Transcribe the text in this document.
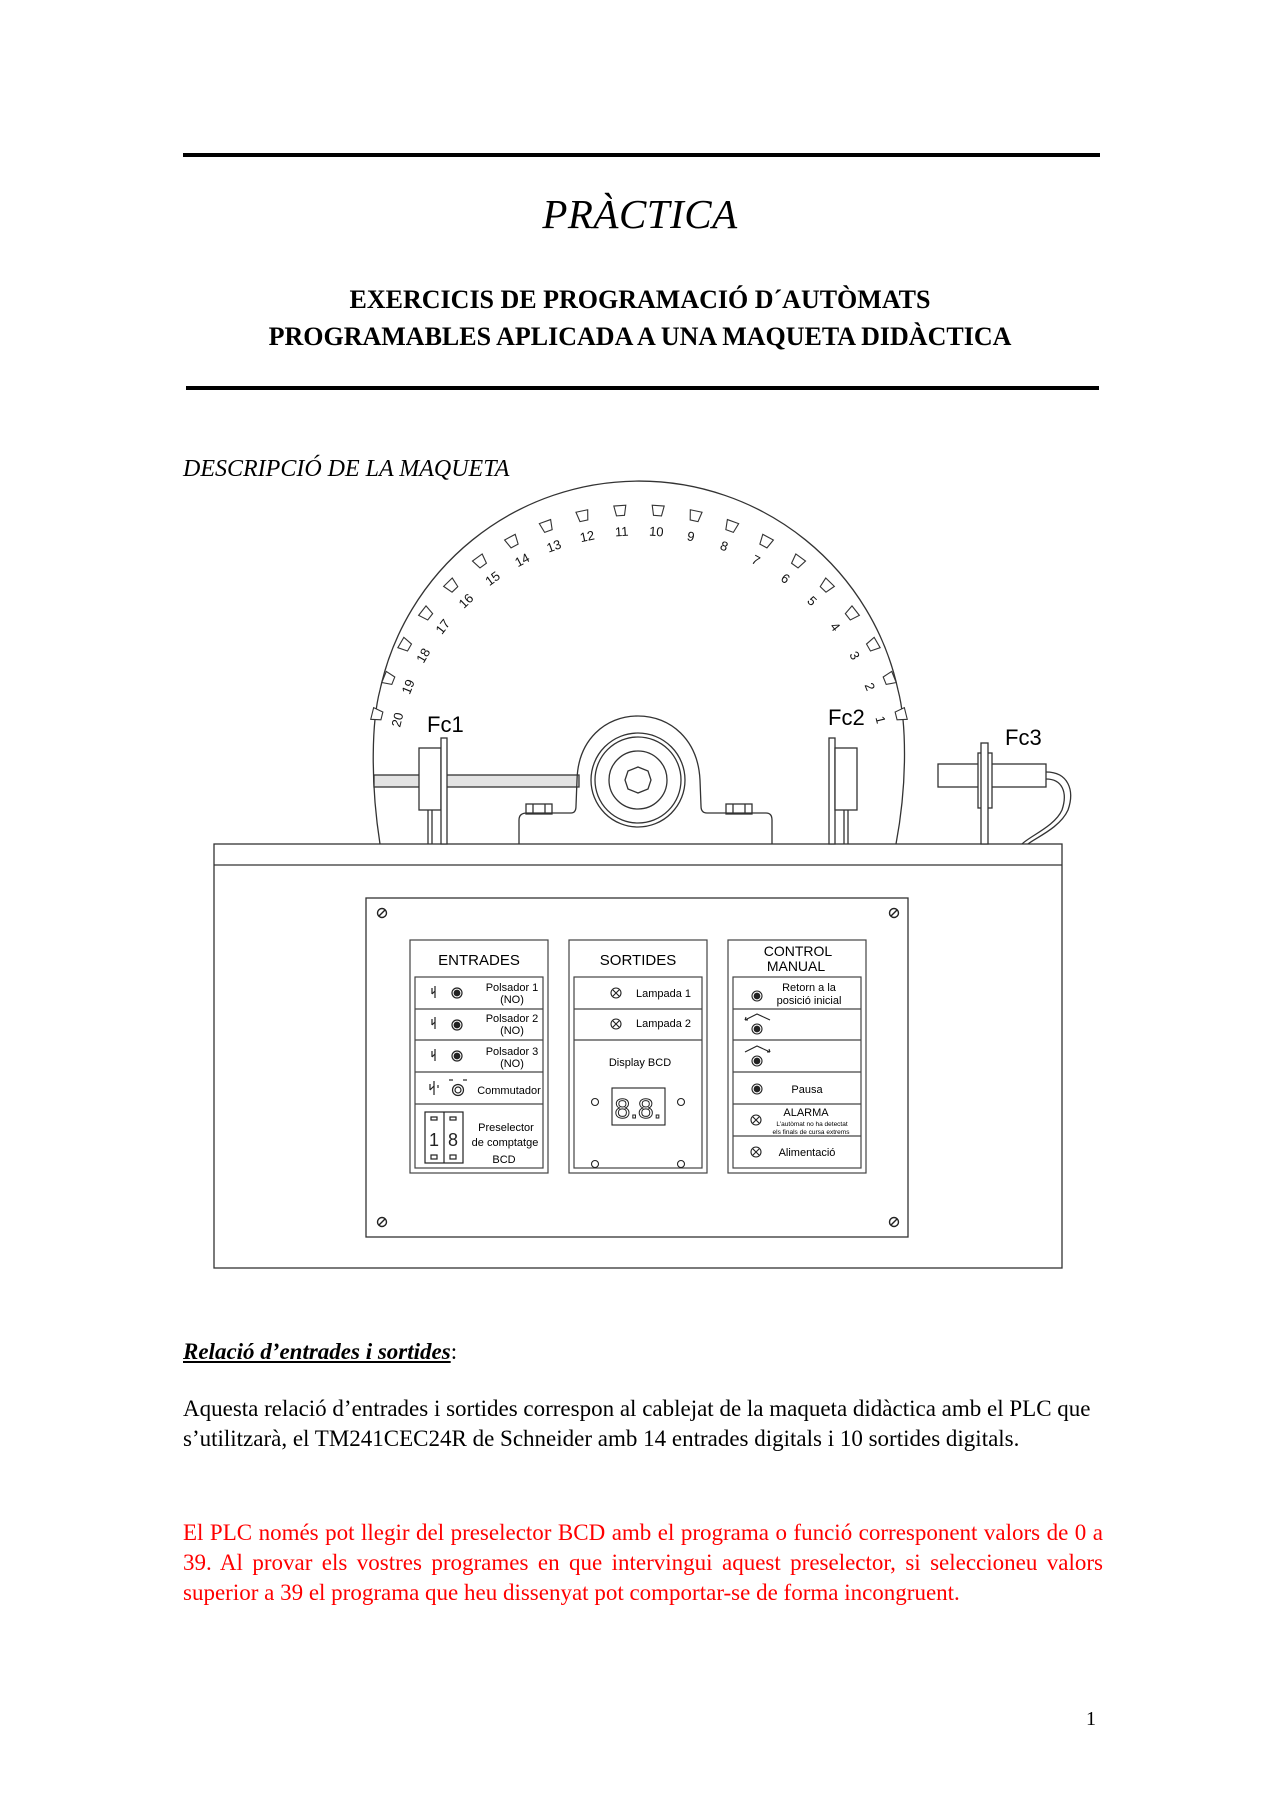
PRÀCTICA
EXERCICIS DE PROGRAMACIÓ D´AUTÒMATS
PROGRAMABLES APLICADA A UNA MAQUETA DIDÀCTICA
DESCRIPCIÓ DE LA MAQUETA
1
2
3
4
5
6
7
8
9
10
11
12
13
14
15
16
17
18
19
20 Fc1	Fc2
Fc3
ENTRADES
Polsador 1
(NO)
Polsador 2
(NO)
Polsador 3
(NO)
Commutador
Preselector
de comptatge
BCD
1 8
SORTIDES
Lampada 1
Lampada 2
Display BCD
8.8.
CONTROL
MANUAL
Retorn a la
posició inicial
Pausa
ALARMA
L'autòmat no ha detectat
els finals de cursa extrems
Alimentació
Relació d’entrades i sortides:
Aquesta relació d’entrades i sortides correspon al cablejat de la maqueta didàctica amb el PLC que s’utilitzarà, el TM241CEC24R de Schneider amb 14 entrades digitals i 10 sortides digitals.
El PLC només pot llegir del preselector BCD amb el programa o funció corresponent valors de 0 a 39. Al provar els vostres programes en que intervingui aquest preselector, si seleccioneu valors superior a 39 el programa que heu dissenyat pot comportar-se de forma incongruent.
1
